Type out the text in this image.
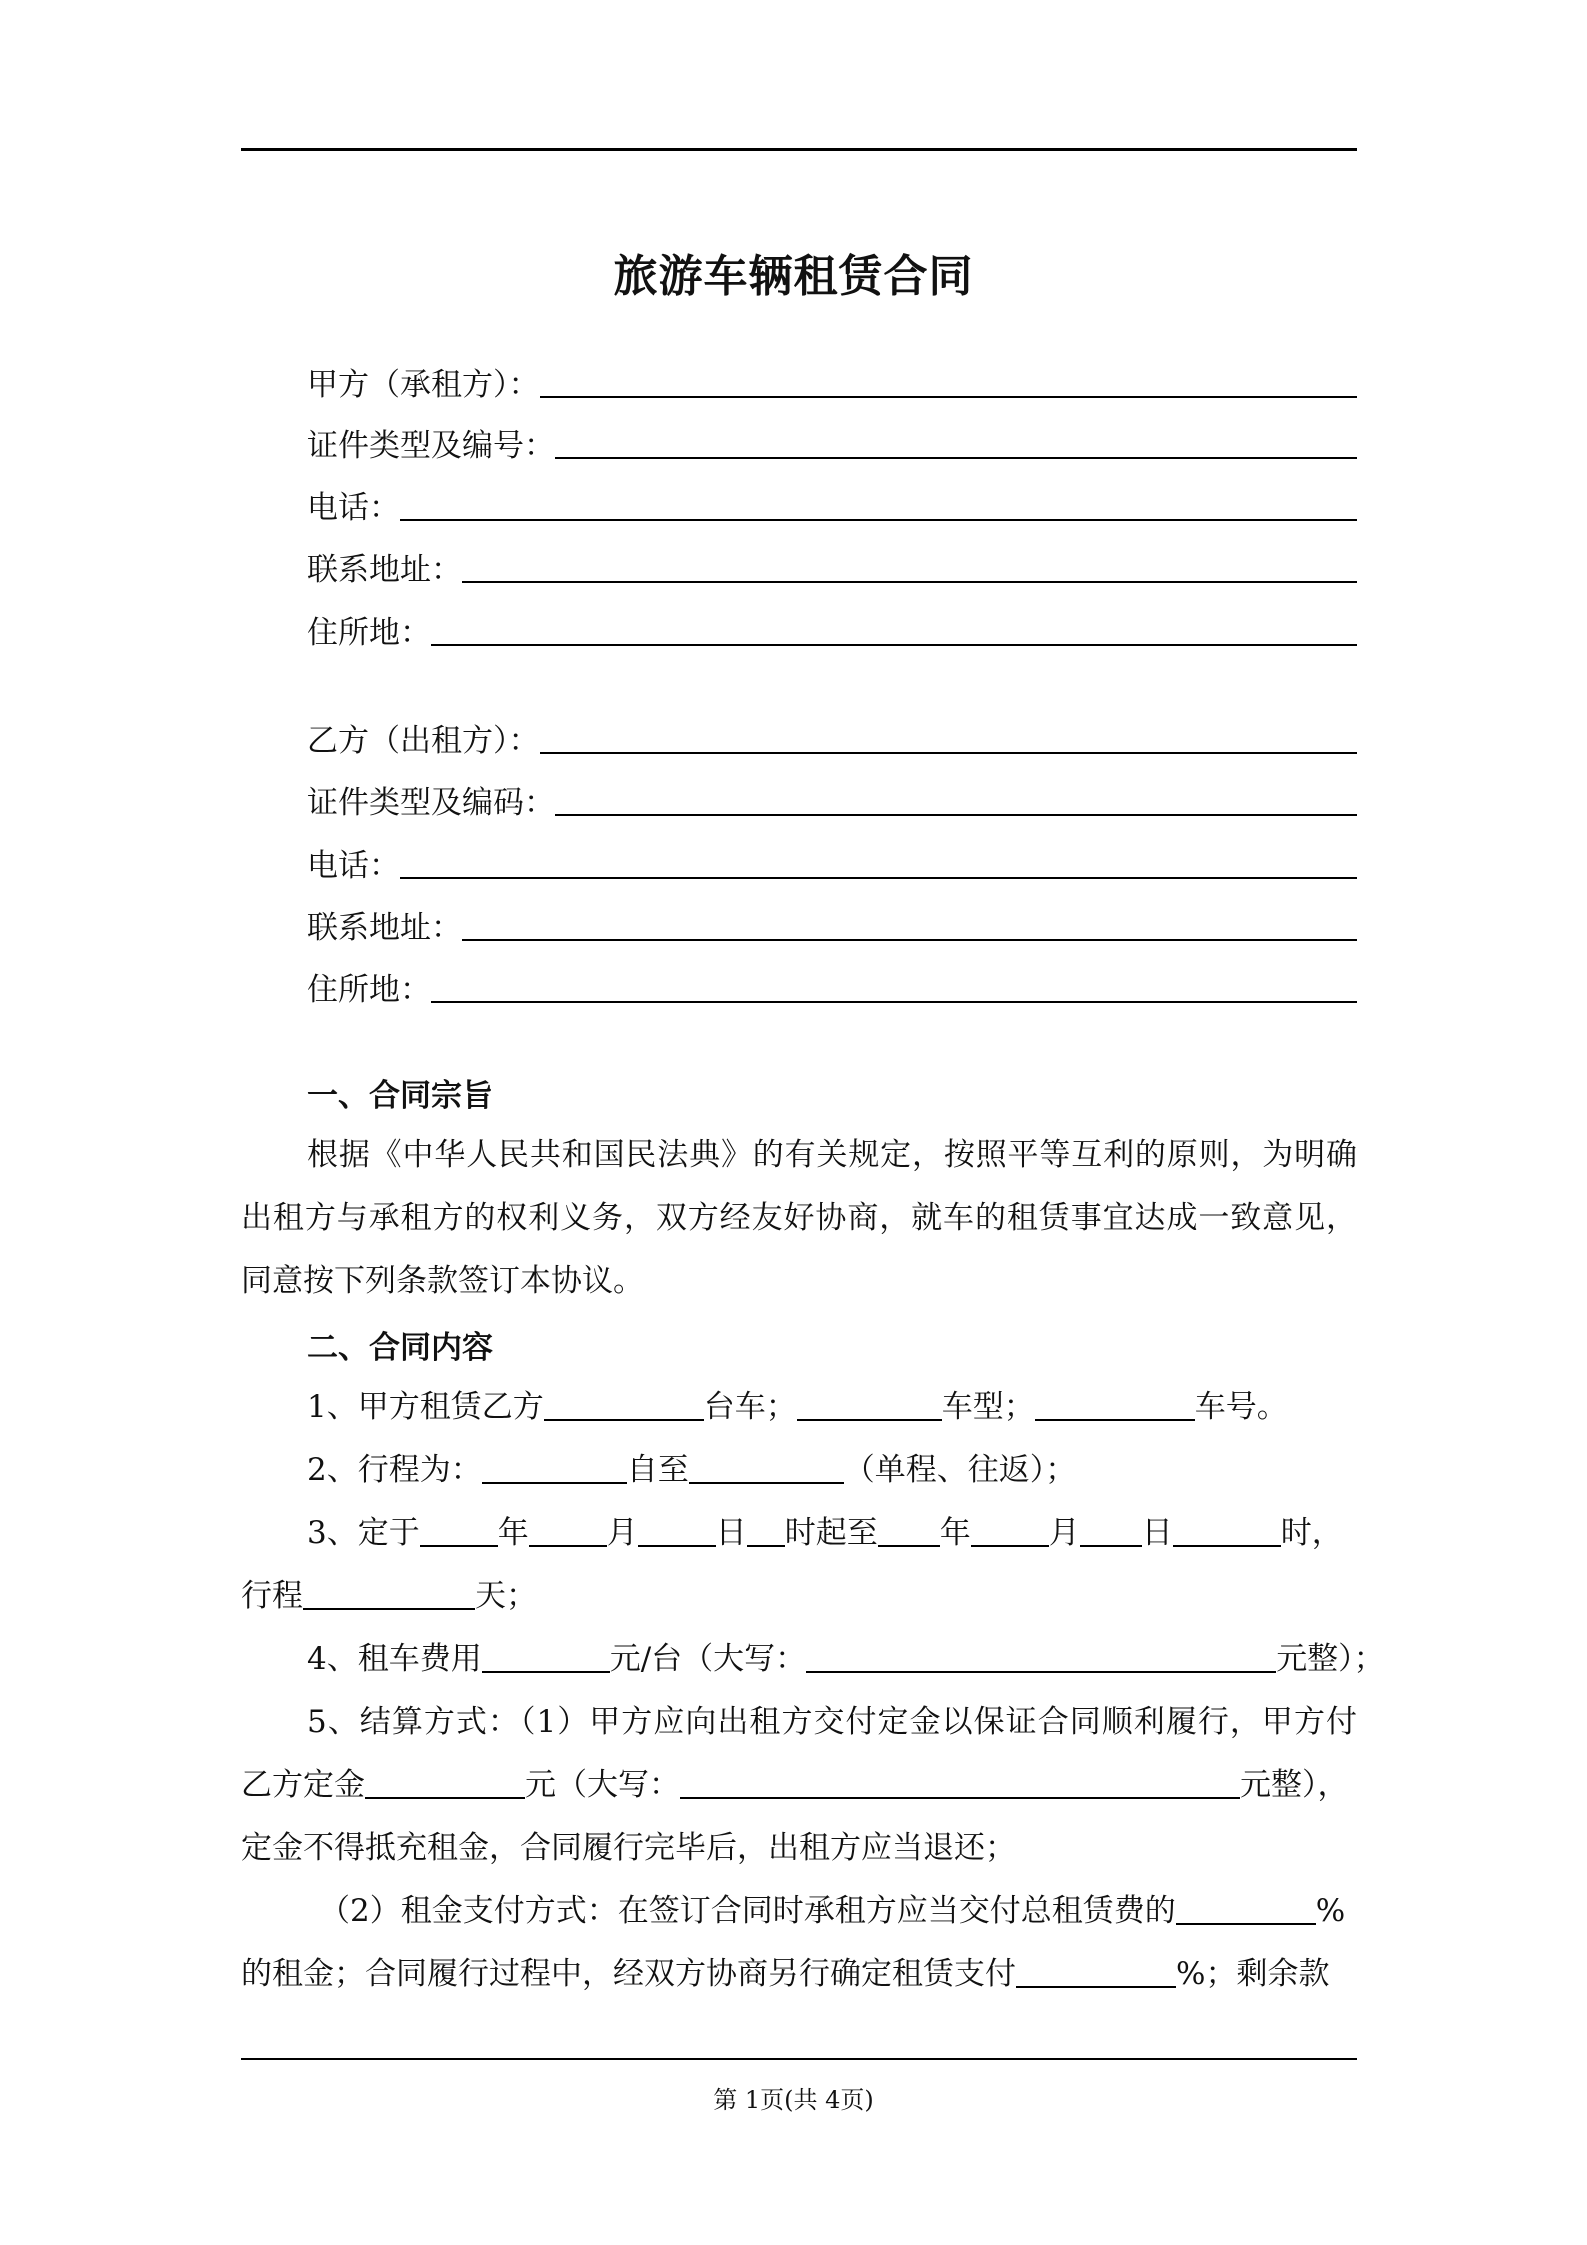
旅游车辆租赁合同
甲方（承租方）：
证件类型及编号：
电话：
联系地址：
住所地：
乙方（出租方）：
证件类型及编码：
电话：
联系地址：
住所地：
一、合同宗旨
根据《中华人民共和国民法典》的有关规定，按照平等互利的原则，为明确
出租方与承租方的权利义务，双方经友好协商，就车的租赁事宜达成一致意见，
同意按下列条款签订本协议。
二、合同内容
1、甲方租赁乙方	台车；	车型；	车号。
2、行程为：	自至	（单程、往返）；
3、定于	年	月	日 时起至 年	月 日	时，
行程	天；
4、租车费用	元/台（大写：	元整）；
5、结算方式：（1）甲方应向出租方交付定金以保证合同顺利履行，甲方付
乙方定金	元（大写：	元整），
定金不得抵充租金，合同履行完毕后，出租方应当退还；
（2）租金支付方式：在签订合同时承租方应当交付总租赁费的	%
的租金；合同履行过程中，经双方协商另行确定租赁支付	%；剩余款
第 1页(共 4页)
